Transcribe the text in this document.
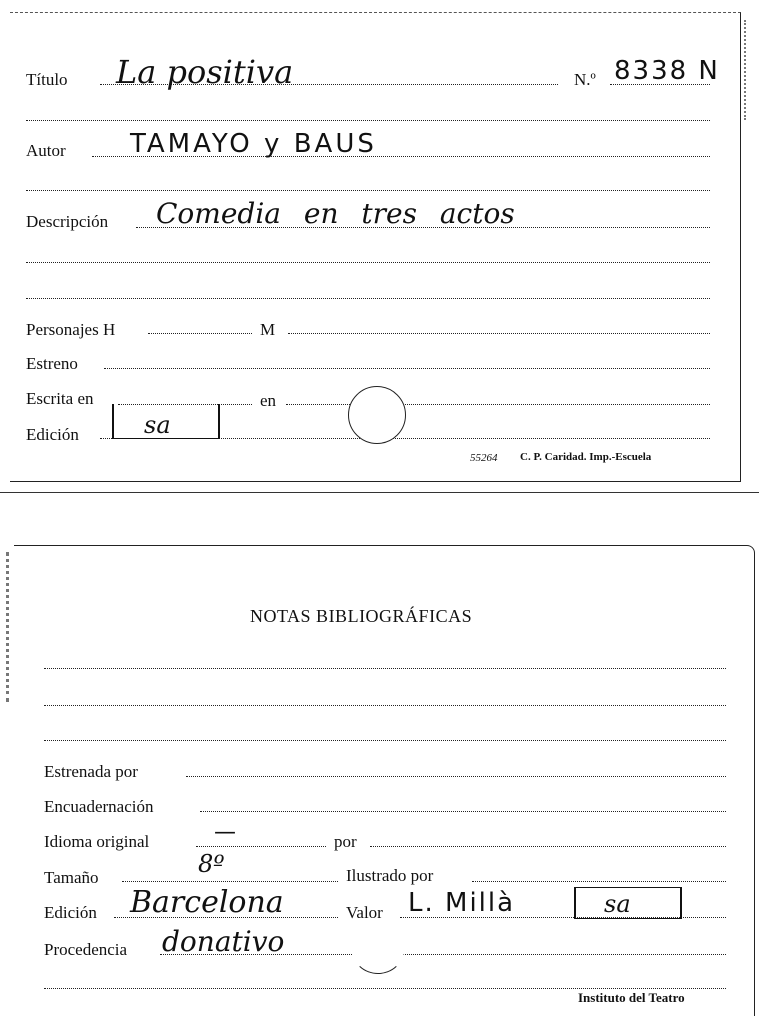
Título La positiva	N.º 8338 N
Autor TAMAYO y BAUS
Descripción Comedia en tres actos
Personajes H	M
Estreno
Escrita en	en
Edición	sa
55264 C. P. Caridad. Imp.-Escuela
NOTAS BIBLIOGRÁFICAS
Estrenada por
Encuadernación
Idioma original	—	por
Tamaño	8º	Ilustrado por
Edición Barcelona	Valor L. Millà	sa
Procedencia donativo
Instituto del Teatro
